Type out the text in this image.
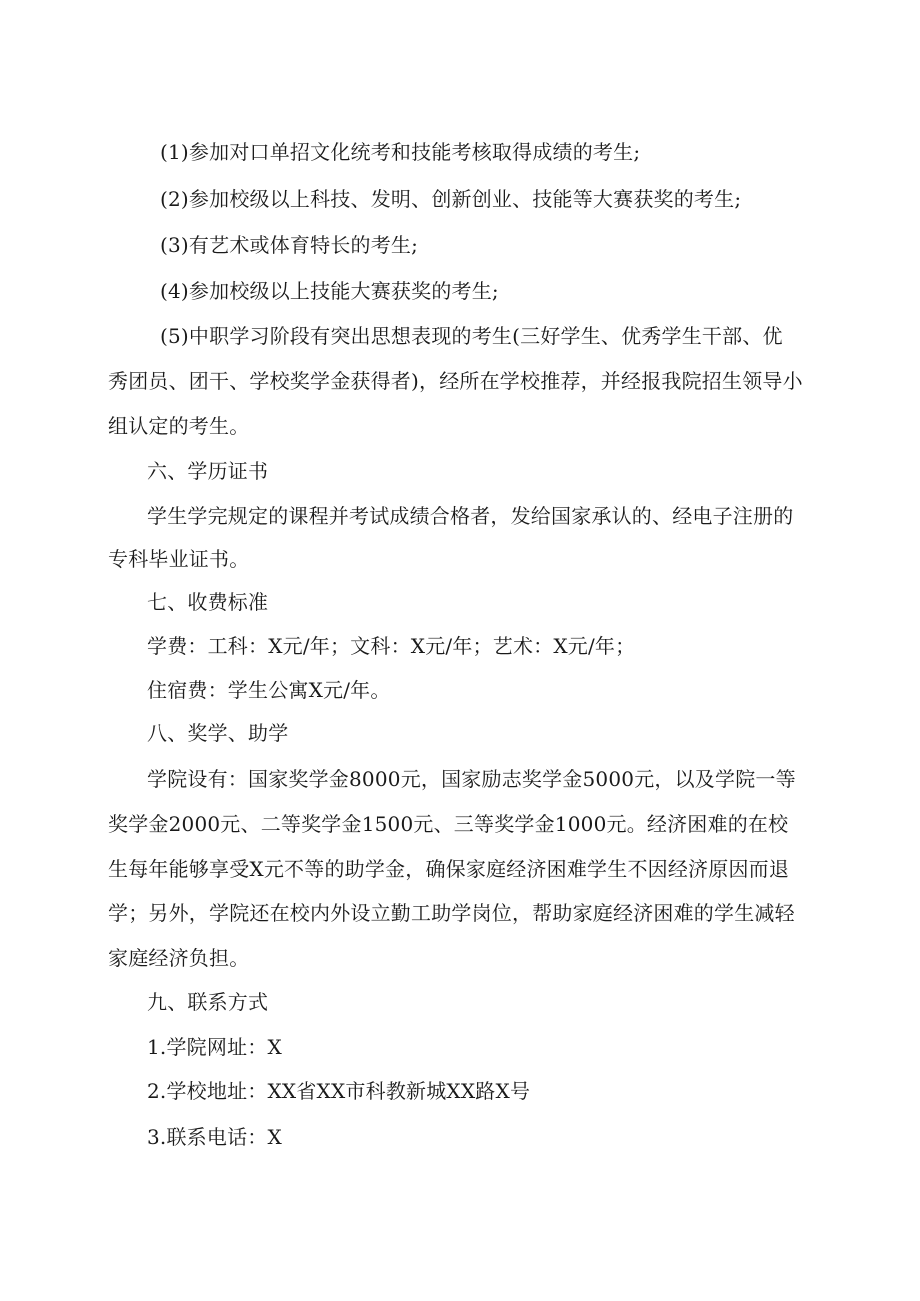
(1)参加对口单招文化统考和技能考核取得成绩的考生;
(2)参加校级以上科技、发明、创新创业、技能等大赛获奖的考生;
(3)有艺术或体育特长的考生;
(4)参加校级以上技能大赛获奖的考生;
(5)中职学习阶段有突出思想表现的考生(三好学生、优秀学生干部、优
秀团员、团干、学校奖学金获得者)，经所在学校推荐，并经报我院招生领导小
组认定的考生。
六、学历证书
学生学完规定的课程并考试成绩合格者，发给国家承认的、经电子注册的
专科毕业证书。
七、收费标准
学费：工科：X元/年；文科：X元/年；艺术：X元/年；
住宿费：学生公寓X元/年。
八、奖学、助学
学院设有：国家奖学金8000元，国家励志奖学金5000元，以及学院一等
奖学金2000元、二等奖学金1500元、三等奖学金1000元。经济困难的在校
生每年能够享受X元不等的助学金，确保家庭经济困难学生不因经济原因而退
学；另外，学院还在校内外设立勤工助学岗位，帮助家庭经济困难的学生减轻
家庭经济负担。
九、联系方式
1.学院网址：X
2.学校地址：XX省XX市科教新城XX路X号
3.联系电话：X
